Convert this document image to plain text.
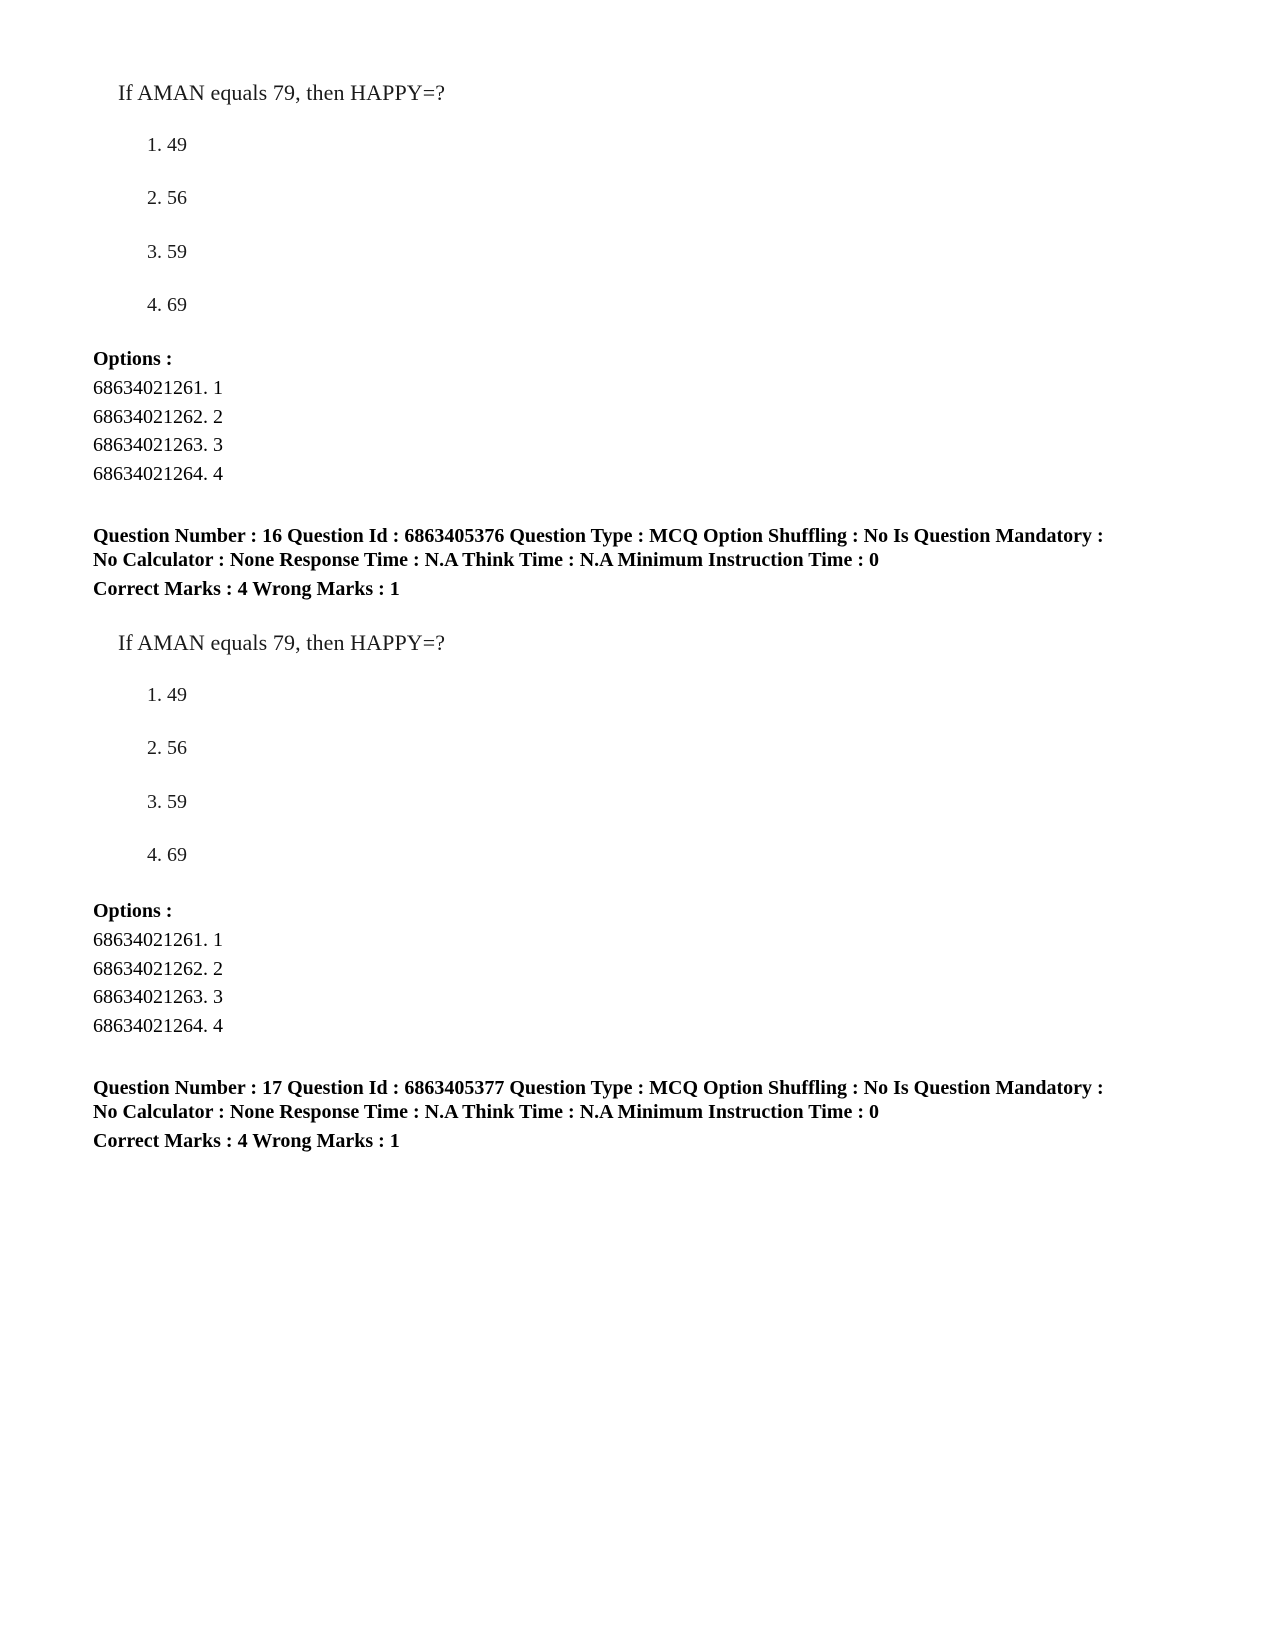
If AMAN equals 79, then HAPPY=?
1. 49
2. 56
3. 59
4. 69
Options :
68634021261. 1
68634021262. 2
68634021263. 3
68634021264. 4
Question Number : 16 Question Id : 6863405376 Question Type : MCQ Option Shuffling : No Is Question Mandatory :
No Calculator : None Response Time : N.A Think Time : N.A Minimum Instruction Time : 0
Correct Marks : 4 Wrong Marks : 1
If AMAN equals 79, then HAPPY=?
1. 49
2. 56
3. 59
4. 69
Options :
68634021261. 1
68634021262. 2
68634021263. 3
68634021264. 4
Question Number : 17 Question Id : 6863405377 Question Type : MCQ Option Shuffling : No Is Question Mandatory :
No Calculator : None Response Time : N.A Think Time : N.A Minimum Instruction Time : 0
Correct Marks : 4 Wrong Marks : 1
